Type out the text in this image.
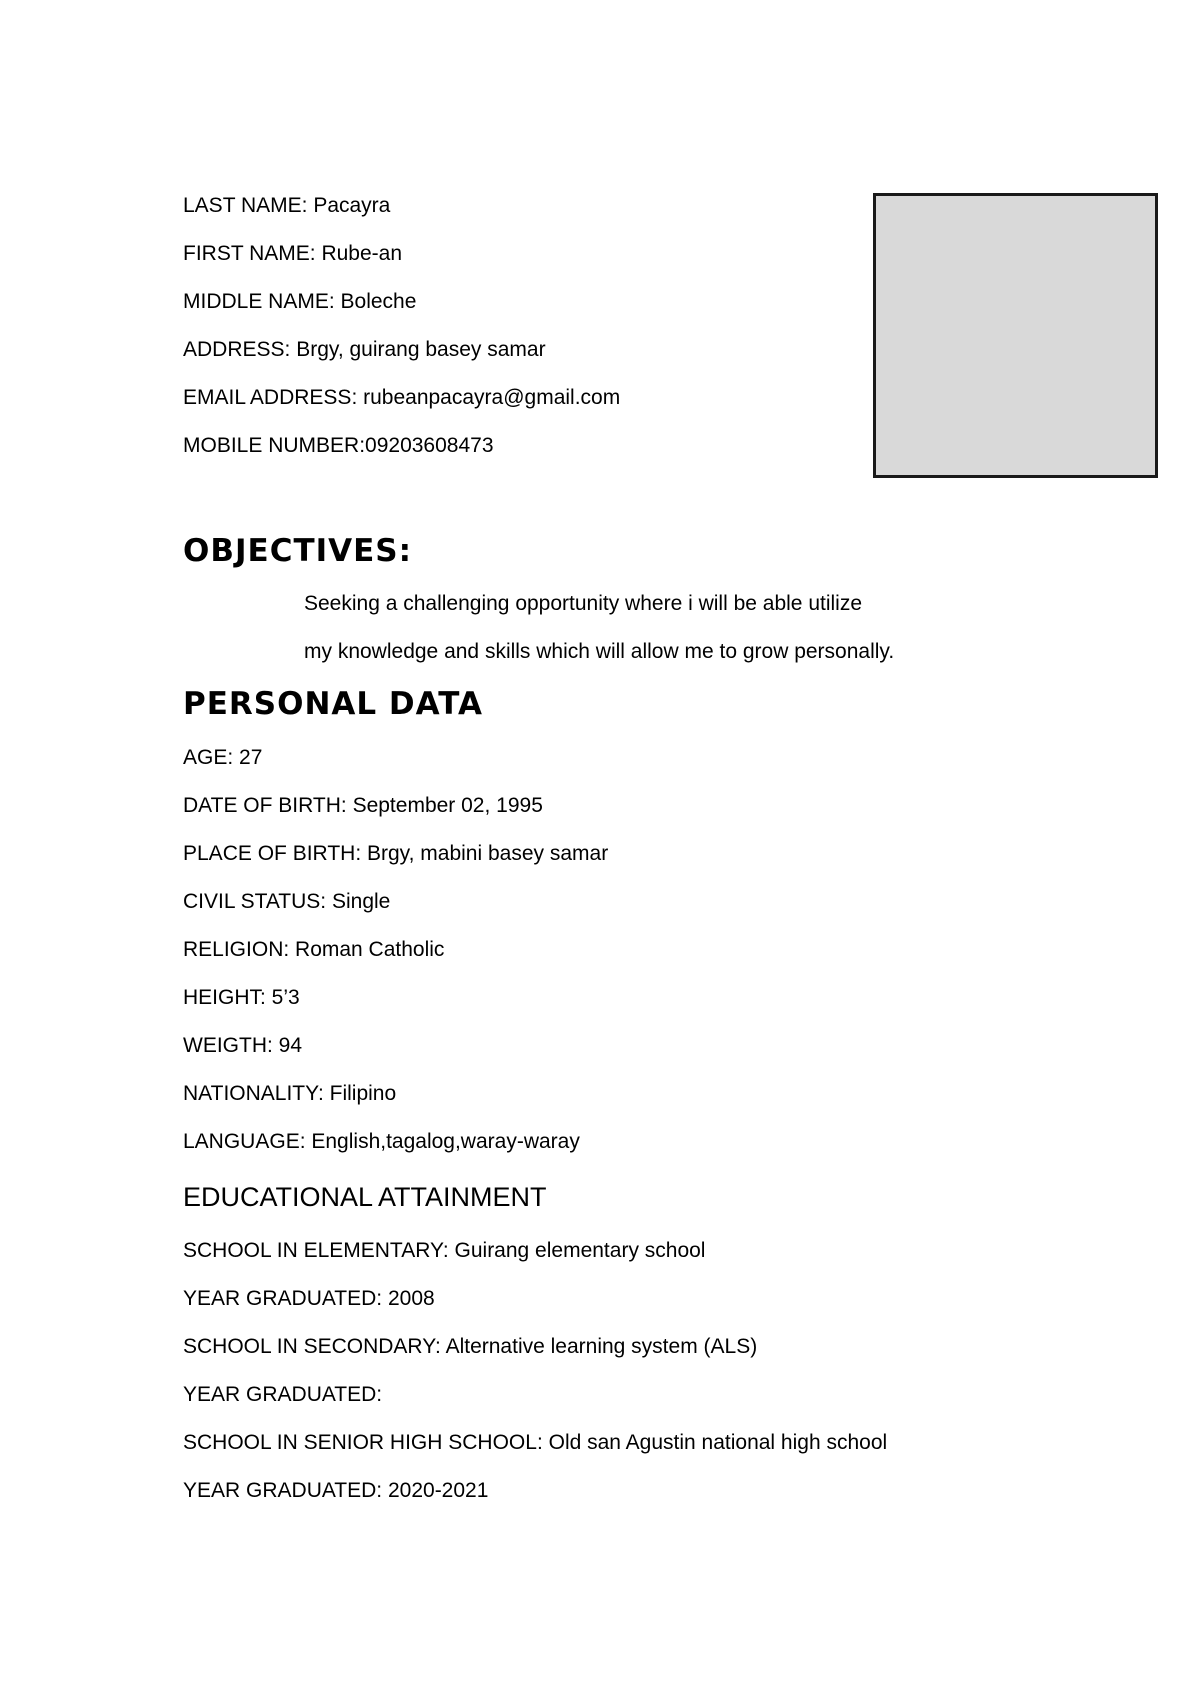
LAST NAME: Pacayra
FIRST NAME: Rube-an
MIDDLE NAME: Boleche
ADDRESS: Brgy, guirang basey samar
EMAIL ADDRESS: rubeanpacayra@gmail.com
MOBILE NUMBER:09203608473
OBJECTIVES:
Seeking a challenging opportunity where i will be able utilize
my knowledge and skills which will allow me to grow personally.
PERSONAL DATA
AGE: 27
DATE OF BIRTH: September 02, 1995
PLACE OF BIRTH: Brgy, mabini basey samar
CIVIL STATUS: Single
RELIGION: Roman Catholic
HEIGHT: 5’3
WEIGTH: 94
NATIONALITY: Filipino
LANGUAGE: English,tagalog,waray-waray
EDUCATIONAL ATTAINMENT
SCHOOL IN ELEMENTARY: Guirang elementary school
YEAR GRADUATED: 2008
SCHOOL IN SECONDARY: Alternative learning system (ALS)
YEAR GRADUATED:
SCHOOL IN SENIOR HIGH SCHOOL: Old san Agustin national high school
YEAR GRADUATED: 2020-2021
